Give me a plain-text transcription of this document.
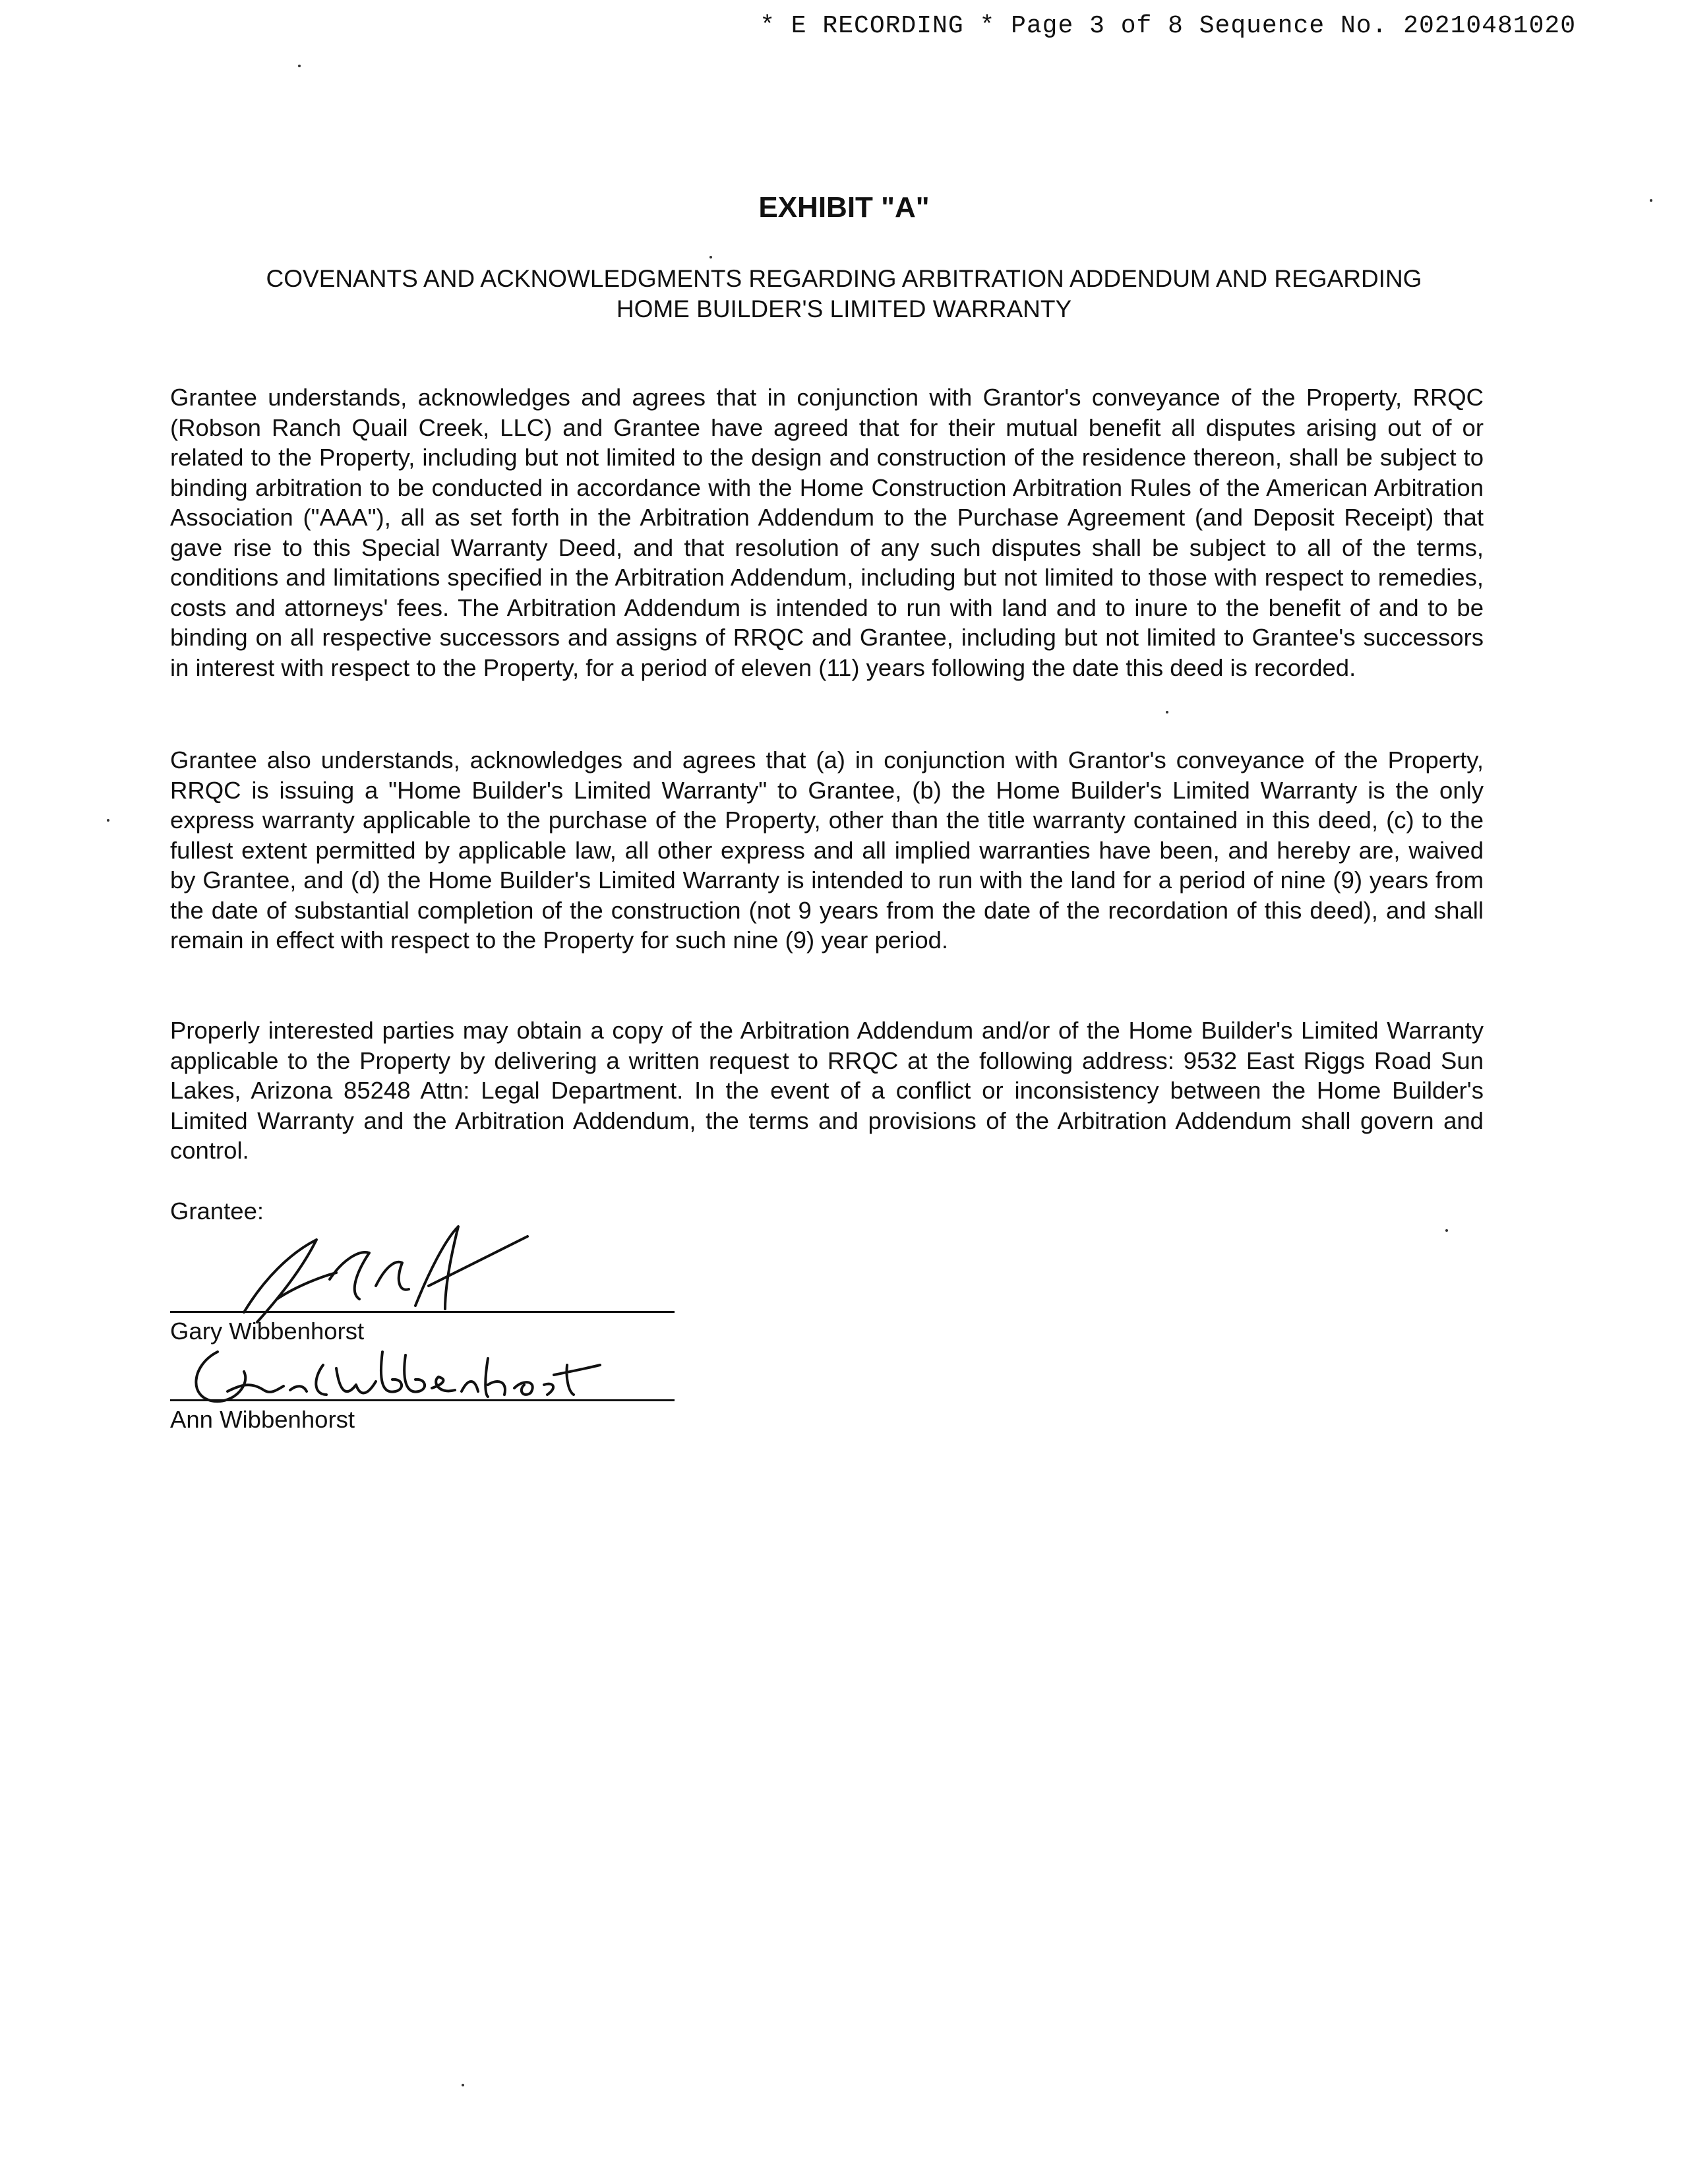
* E RECORDING * Page 3 of 8 Sequence No. 20210481020
EXHIBIT "A"
COVENANTS AND ACKNOWLEDGMENTS REGARDING ARBITRATION ADDENDUM AND REGARDING
HOME BUILDER'S LIMITED WARRANTY
Grantee understands, acknowledges and agrees that in conjunction with Grantor's conveyance of the Property, RRQC (Robson Ranch Quail Creek, LLC) and Grantee have agreed that for their mutual benefit all disputes arising out of or related to the Property, including but not limited to the design and construction of the residence thereon, shall be subject to binding arbitration to be conducted in accordance with the Home Construction Arbitration Rules of the American Arbitration Association ("AAA"), all as set forth in the Arbitration Addendum to the Purchase Agreement (and Deposit Receipt) that gave rise to this Special Warranty Deed, and that resolution of any such disputes shall be subject to all of the terms, conditions and limitations specified in the Arbitration Addendum, including but not limited to those with respect to remedies, costs and attorneys' fees. The Arbitration Addendum is intended to run with land and to inure to the benefit of and to be binding on all respective successors and assigns of RRQC and Grantee, including but not limited to Grantee's successors in interest with respect to the Property, for a period of eleven (11) years following the date this deed is recorded.
Grantee also understands, acknowledges and agrees that (a) in conjunction with Grantor's conveyance of the Property, RRQC is issuing a "Home Builder's Limited Warranty" to Grantee, (b) the Home Builder's Limited Warranty is the only express warranty applicable to the purchase of the Property, other than the title warranty contained in this deed, (c) to the fullest extent permitted by applicable law, all other express and all implied warranties have been, and hereby are, waived by Grantee, and (d) the Home Builder's Limited Warranty is intended to run with the land for a period of nine (9) years from the date of substantial completion of the construction (not 9 years from the date of the recordation of this deed), and shall remain in effect with respect to the Property for such nine (9) year period.
Properly interested parties may obtain a copy of the Arbitration Addendum and/or of the Home Builder's Limited Warranty applicable to the Property by delivering a written request to RRQC at the following address: 9532 East Riggs Road Sun Lakes, Arizona 85248 Attn: Legal Department. In the event of a conflict or inconsistency between the Home Builder's Limited Warranty and the Arbitration Addendum, the terms and provisions of the Arbitration Addendum shall govern and control.
Grantee:
Gary Wibbenhorst
Ann Wibbenhorst
